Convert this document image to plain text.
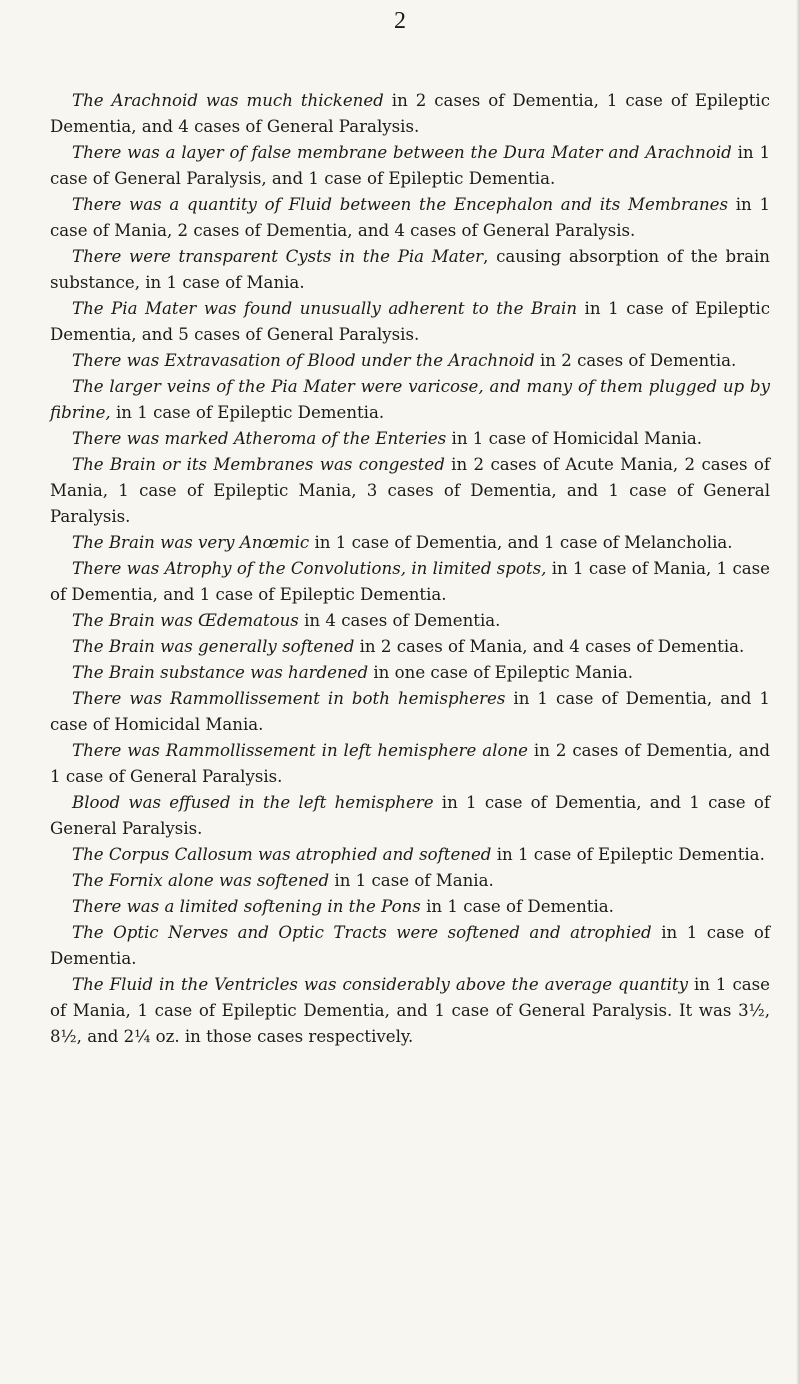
2

The Arachnoid was much thickened in 2 cases of Dementia, 1 case of Epileptic Dementia, and 4 cases of General Paralysis.

There was a layer of false membrane between the Dura Mater and Arachnoid in 1 case of General Paralysis, and 1 case of Epileptic Dementia.

There was a quantity of Fluid between the Encephalon and its Membranes in 1 case of Mania, 2 cases of Dementia, and 4 cases of General Paralysis.

There were transparent Cysts in the Pia Mater, causing absorption of the brain substance, in 1 case of Mania.

The Pia Mater was found unusually adherent to the Brain in 1 case of Epileptic Dementia, and 5 cases of General Paralysis.

There was Extravasation of Blood under the Arachnoid in 2 cases of Dementia.

The larger veins of the Pia Mater were varicose, and many of them plugged up by fibrine, in 1 case of Epileptic Dementia.

There was marked Atheroma of the Enteries in 1 case of Homicidal Mania.

The Brain or its Membranes was congested in 2 cases of Acute Mania, 2 cases of Mania, 1 case of Epileptic Mania, 3 cases of Dementia, and 1 case of General Paralysis.

The Brain was very Anœmic in 1 case of Dementia, and 1 case of Melancholia.

There was Atrophy of the Convolutions, in limited spots, in 1 case of Mania, 1 case of Dementia, and 1 case of Epileptic Dementia.

The Brain was Œdematous in 4 cases of Dementia.

The Brain was generally softened in 2 cases of Mania, and 4 cases of Dementia.

The Brain substance was hardened in one case of Epileptic Mania.

There was Rammollissement in both hemispheres in 1 case of Dementia, and 1 case of Homicidal Mania.

There was Rammollissement in left hemisphere alone in 2 cases of Dementia, and 1 case of General Paralysis.

Blood was effused in the left hemisphere in 1 case of Dementia, and 1 case of General Paralysis.

The Corpus Callosum was atrophied and softened in 1 case of Epileptic Dementia.

The Fornix alone was softened in 1 case of Mania.

There was a limited softening in the Pons in 1 case of Dementia.

The Optic Nerves and Optic Tracts were softened and atrophied in 1 case of Dementia.

The Fluid in the Ventricles was considerably above the average quantity in 1 case of Mania, 1 case of Epileptic Dementia, and 1 case of General Paralysis. It was 3½, 8½, and 2¼ oz. in those cases respectively.
